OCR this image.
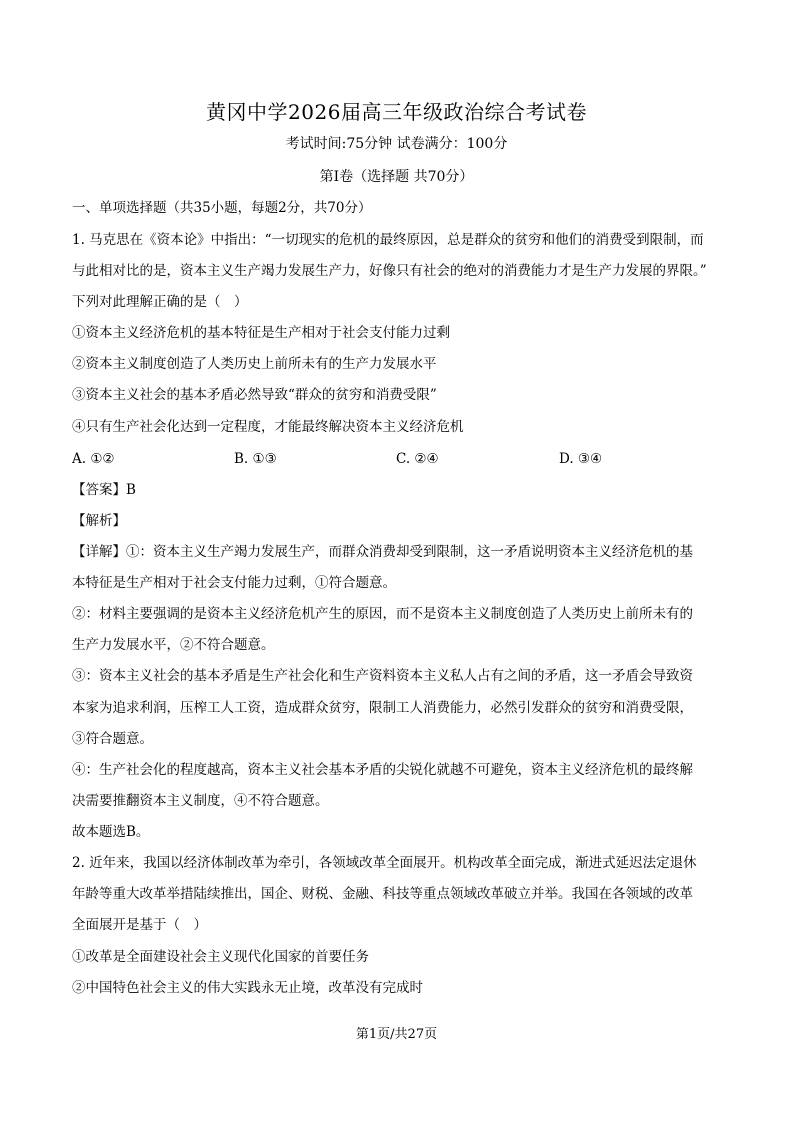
黄冈中学2026届高三年级政治综合考试卷
考试时间:75分钟 试卷满分：100分
第Ⅰ卷（选择题 共70分）
一、单项选择题（共35小题，每题2分，共70分）
1. 马克思在《资本论》中指出：“一切现实的危机的最终原因，总是群众的贫穷和他们的消费受到限制，而
与此相对比的是，资本主义生产竭力发展生产力，好像只有社会的绝对的消费能力才是生产力发展的界限。”
下列对此理解正确的是（　）
①资本主义经济危机的基本特征是生产相对于社会支付能力过剩
②资本主义制度创造了人类历史上前所未有的生产力发展水平
③资本主义社会的基本矛盾必然导致“群众的贫穷和消费受限”
④只有生产社会化达到一定程度，才能最终解决资本主义经济危机
A. ①②	B. ①③	C. ②④	D. ③④
【答案】B
【解析】
【详解】①：资本主义生产竭力发展生产，而群众消费却受到限制，这一矛盾说明资本主义经济危机的基
本特征是生产相对于社会支付能力过剩，①符合题意。
②：材料主要强调的是资本主义经济危机产生的原因，而不是资本主义制度创造了人类历史上前所未有的
生产力发展水平，②不符合题意。
③：资本主义社会的基本矛盾是生产社会化和生产资料资本主义私人占有之间的矛盾，这一矛盾会导致资
本家为追求利润，压榨工人工资，造成群众贫穷，限制工人消费能力，必然引发群众的贫穷和消费受限，
③符合题意。
④：生产社会化的程度越高，资本主义社会基本矛盾的尖锐化就越不可避免，资本主义经济危机的最终解
决需要推翻资本主义制度，④不符合题意。
故本题选B。
2. 近年来，我国以经济体制改革为牵引，各领域改革全面展开。机构改革全面完成，渐进式延迟法定退休
年龄等重大改革举措陆续推出，国企、财税、金融、科技等重点领域改革破立并举。我国在各领域的改革
全面展开是基于（　）
①改革是全面建设社会主义现代化国家的首要任务
②中国特色社会主义的伟大实践永无止境，改革没有完成时
第1页/共27页
